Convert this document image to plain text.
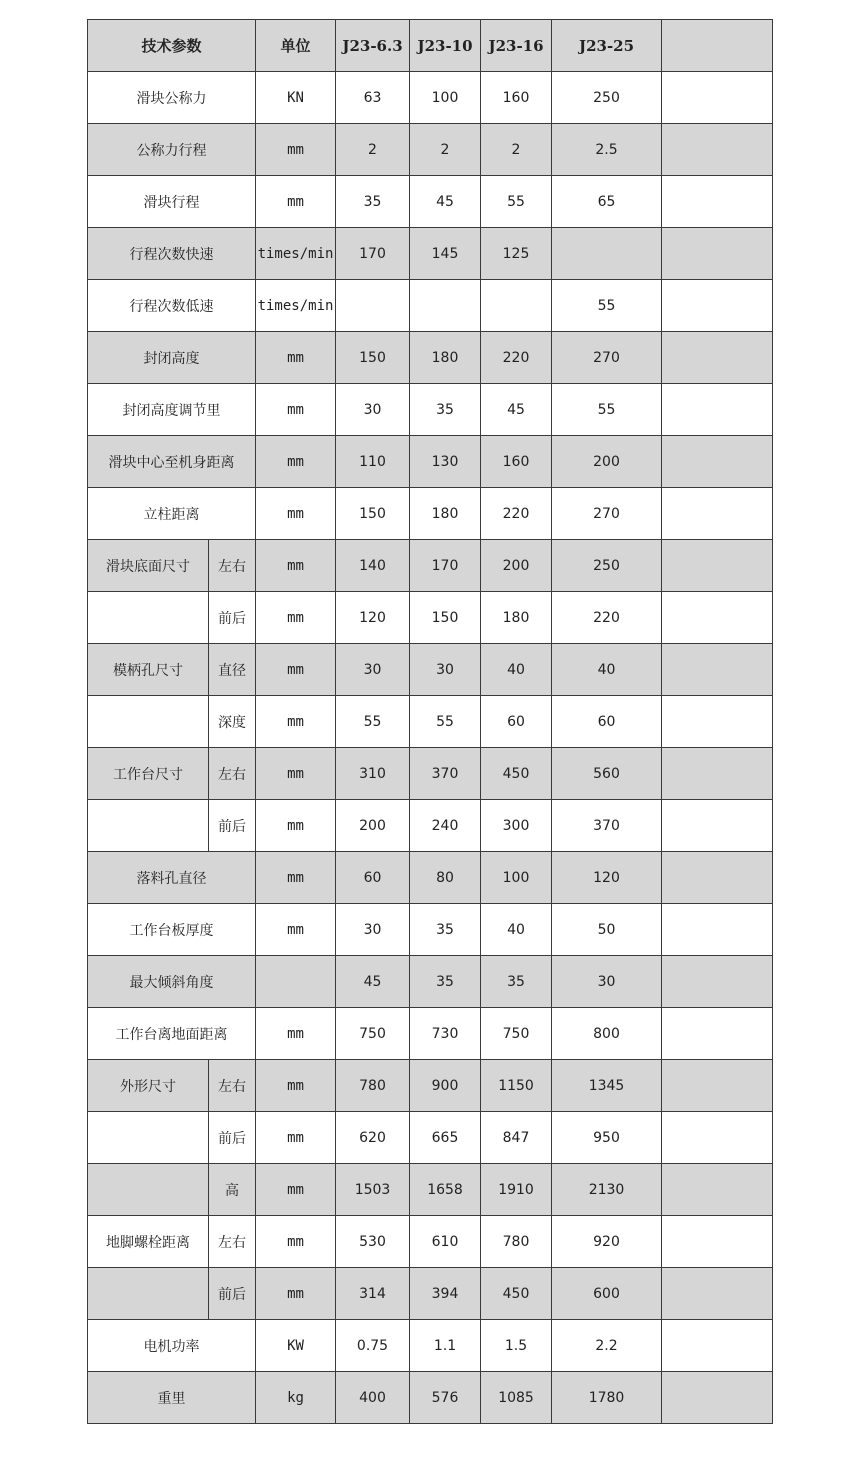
技术参数		单位	J23-6.3	J23-10	J23-16	J23-25	
滑块公称力		KN	63	100	160	250	
公称力行程		mm	2	2	2	2.5	
滑块行程		mm	35	45	55	65	
行程次数快速		times/min	170	145	125		
行程次数低速		times/min				55	
封闭高度		mm	150	180	220	270	
封闭高度调节里		mm	30	35	45	55	
滑块中心至机身距离		mm	110	130	160	200	
立柱距离		mm	150	180	220	270	
滑块底面尺寸	左右	mm	140	170	200	250	
	前后	mm	120	150	180	220	
模柄孔尺寸	直径	mm	30	30	40	40	
	深度	mm	55	55	60	60	
工作台尺寸	左右	mm	310	370	450	560	
	前后	mm	200	240	300	370	
落料孔直径		mm	60	80	100	120	
工作台板厚度		mm	30	35	40	50	
最大倾斜角度			45	35	35	30	
工作台离地面距离		mm	750	730	750	800	
外形尺寸	左右	mm	780	900	1150	1345	
	前后	mm	620	665	847	950	
	高	mm	1503	1658	1910	2130	
地脚螺栓距离	左右	mm	530	610	780	920	
	前后	mm	314	394	450	600	
电机功率		KW	0.75	1.1	1.5	2.2	
重里		kg	400	576	1085	1780	
